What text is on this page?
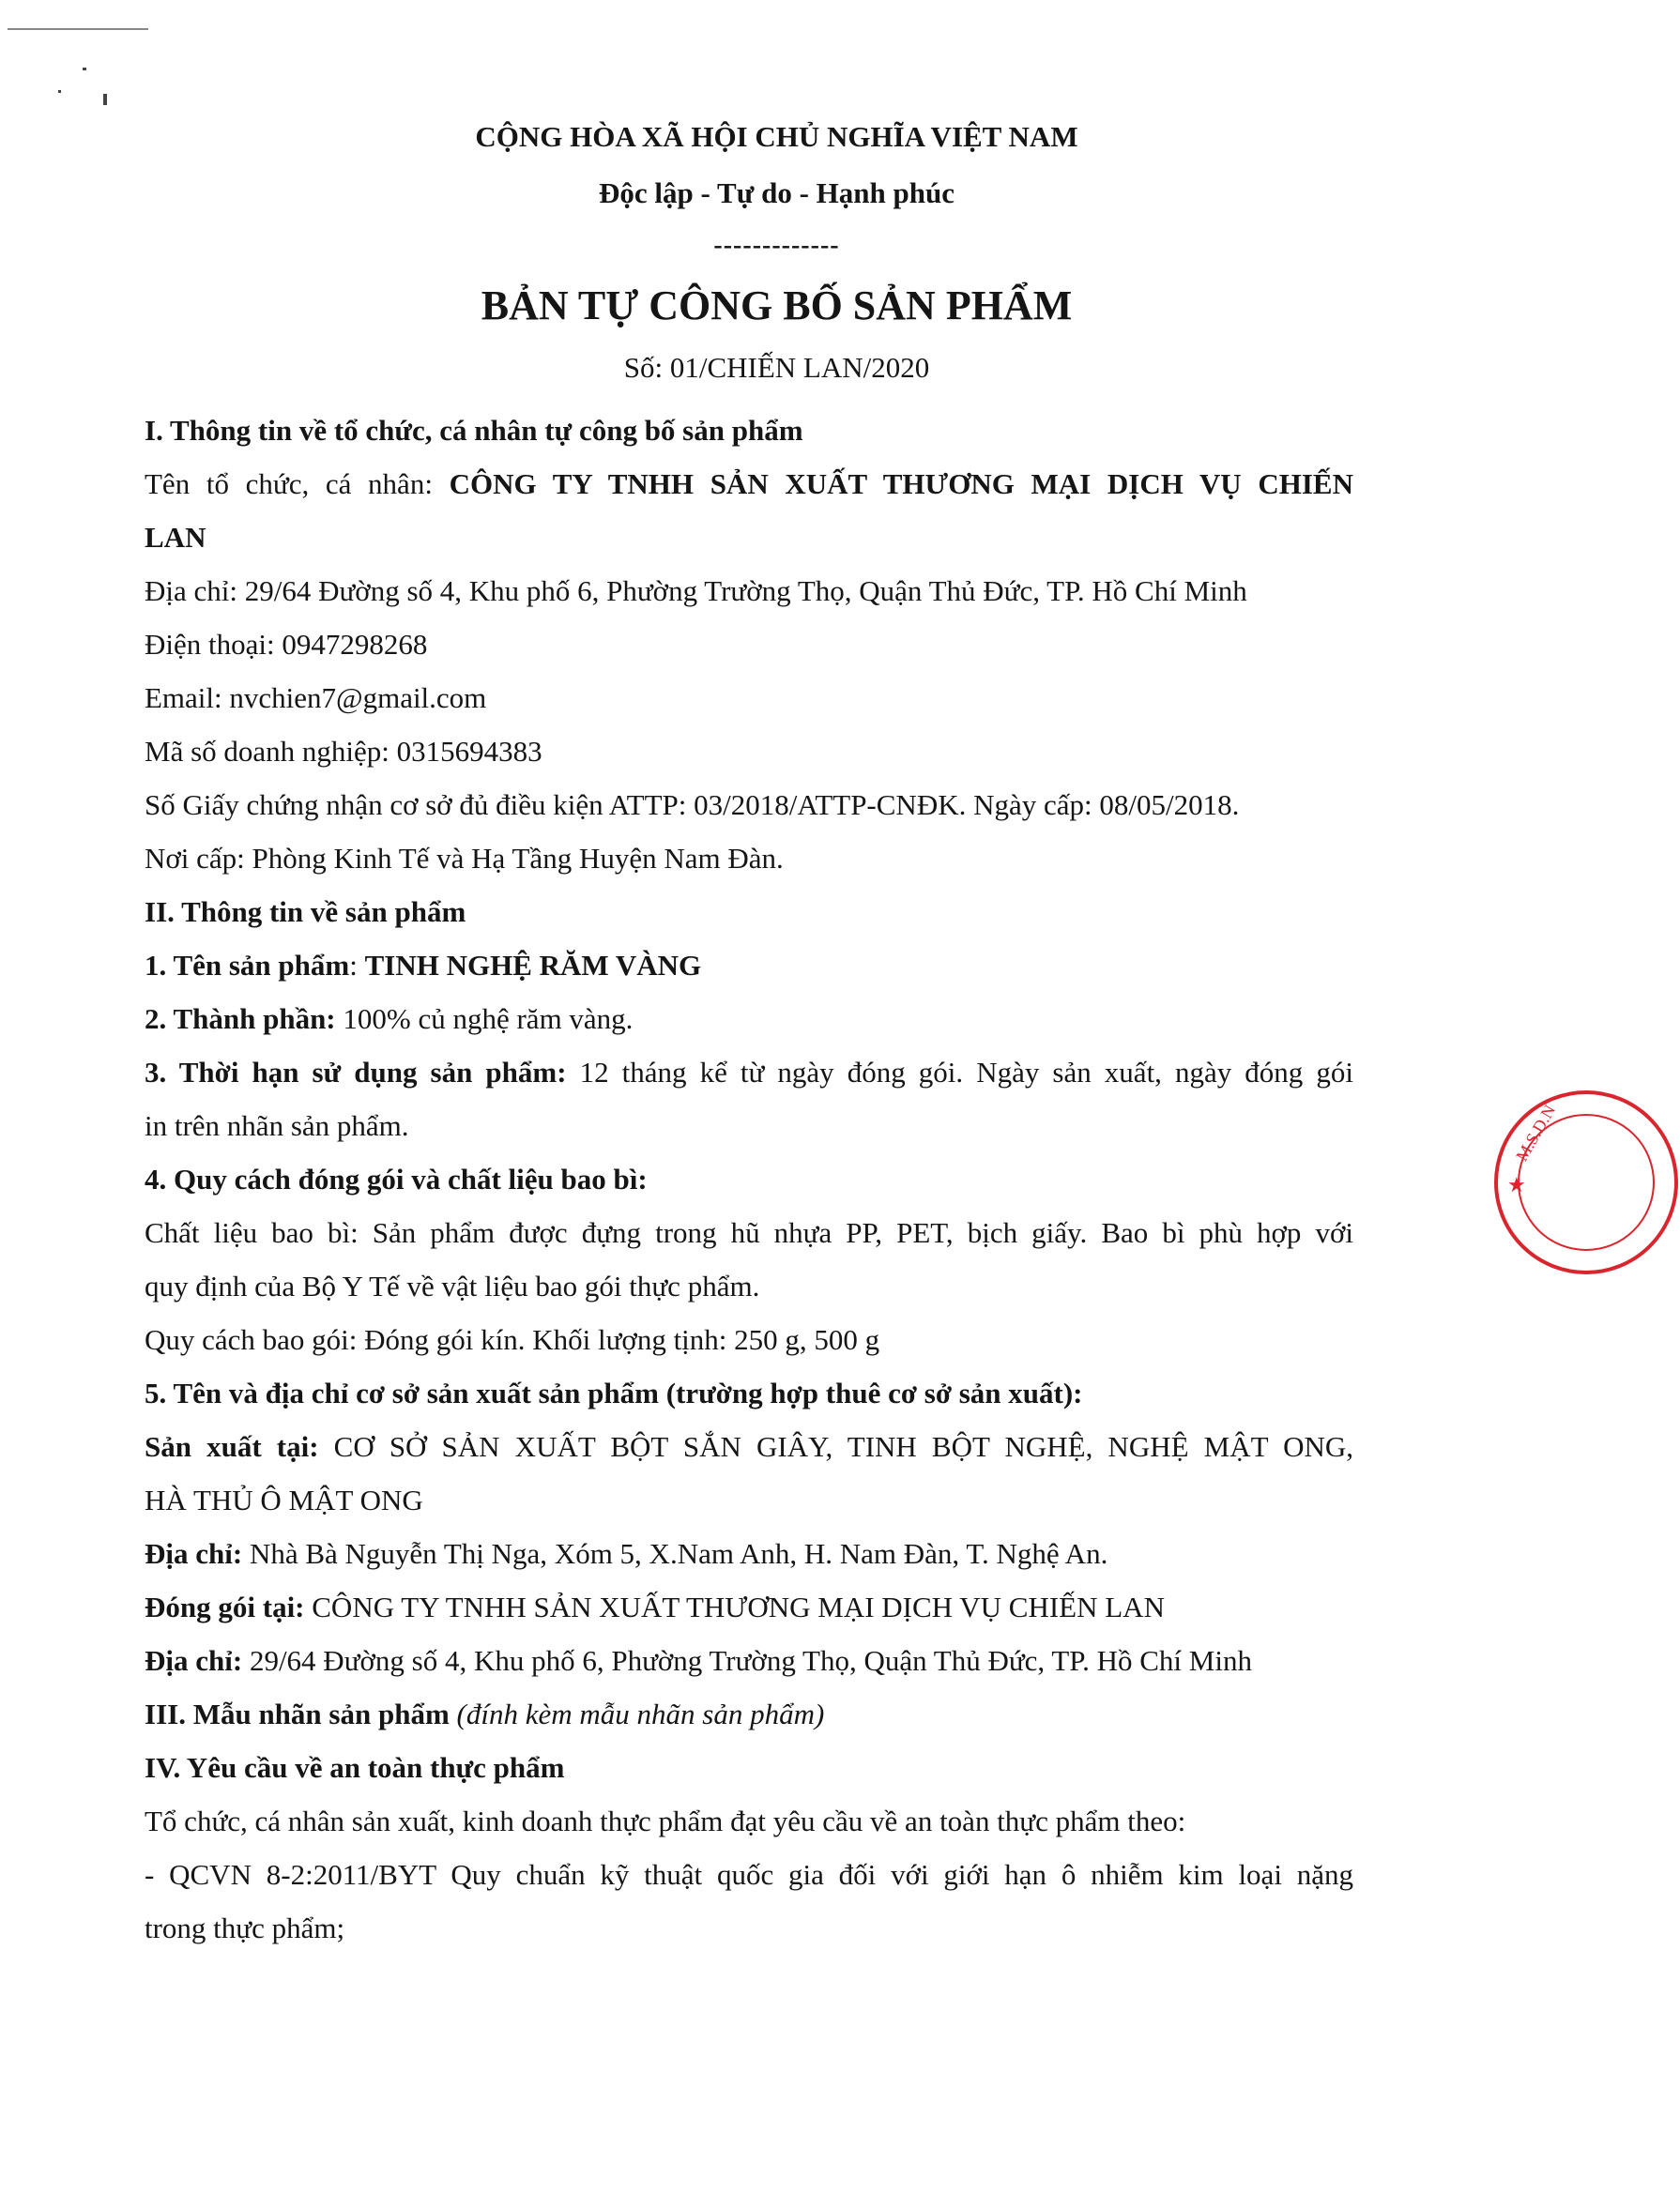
CỘNG HÒA XÃ HỘI CHỦ NGHĨA VIỆT NAM
Độc lập - Tự do - Hạnh phúc
-------------
BẢN TỰ CÔNG BỐ SẢN PHẨM
Số: 01/CHIẾN LAN/2020
I. Thông tin về tổ chức, cá nhân tự công bố sản phẩm
Tên tổ chức, cá nhân: CÔNG TY TNHH SẢN XUẤT THƯƠNG MẠI DỊCH VỤ CHIẾN
LAN
Địa chỉ: 29/64 Đường số 4, Khu phố 6, Phường Trường Thọ, Quận Thủ Đức, TP. Hồ Chí Minh
Điện thoại: 0947298268
Email: nvchien7@gmail.com
Mã số doanh nghiệp: 0315694383
Số Giấy chứng nhận cơ sở đủ điều kiện ATTP: 03/2018/ATTP-CNĐK. Ngày cấp: 08/05/2018.
Nơi cấp: Phòng Kinh Tế và Hạ Tầng Huyện Nam Đàn.
II. Thông tin về sản phẩm
1. Tên sản phẩm: TINH NGHỆ RĂM VÀNG
2. Thành phần: 100% củ nghệ răm vàng.
3. Thời hạn sử dụng sản phẩm: 12 tháng kể từ ngày đóng gói. Ngày sản xuất, ngày đóng gói
in trên nhãn sản phẩm.
4. Quy cách đóng gói và chất liệu bao bì:
Chất liệu bao bì: Sản phẩm được đựng trong hũ nhựa PP, PET, bịch giấy. Bao bì phù hợp với
quy định của Bộ Y Tế về vật liệu bao gói thực phẩm.
Quy cách bao gói: Đóng gói kín. Khối lượng tịnh: 250 g, 500 g
5. Tên và địa chỉ cơ sở sản xuất sản phẩm (trường hợp thuê cơ sở sản xuất):
Sản xuất tại: CƠ SỞ SẢN XUẤT BỘT SẮN GIÂY, TINH BỘT NGHỆ, NGHỆ MẬT ONG,
HÀ THỦ Ô MẬT ONG
Địa chỉ: Nhà Bà Nguyễn Thị Nga, Xóm 5, X.Nam Anh, H. Nam Đàn, T. Nghệ An.
Đóng gói tại: CÔNG TY TNHH SẢN XUẤT THƯƠNG MẠI DỊCH VỤ CHIẾN LAN
Địa chỉ: 29/64 Đường số 4, Khu phố 6, Phường Trường Thọ, Quận Thủ Đức, TP. Hồ Chí Minh
III. Mẫu nhãn sản phẩm (đính kèm mẫu nhãn sản phẩm)
IV. Yêu cầu về an toàn thực phẩm
Tổ chức, cá nhân sản xuất, kinh doanh thực phẩm đạt yêu cầu về an toàn thực phẩm theo:
- QCVN 8-2:2011/BYT Quy chuẩn kỹ thuật quốc gia đối với giới hạn ô nhiễm kim loại nặng
trong thực phẩm;
★
M.S.D.N
